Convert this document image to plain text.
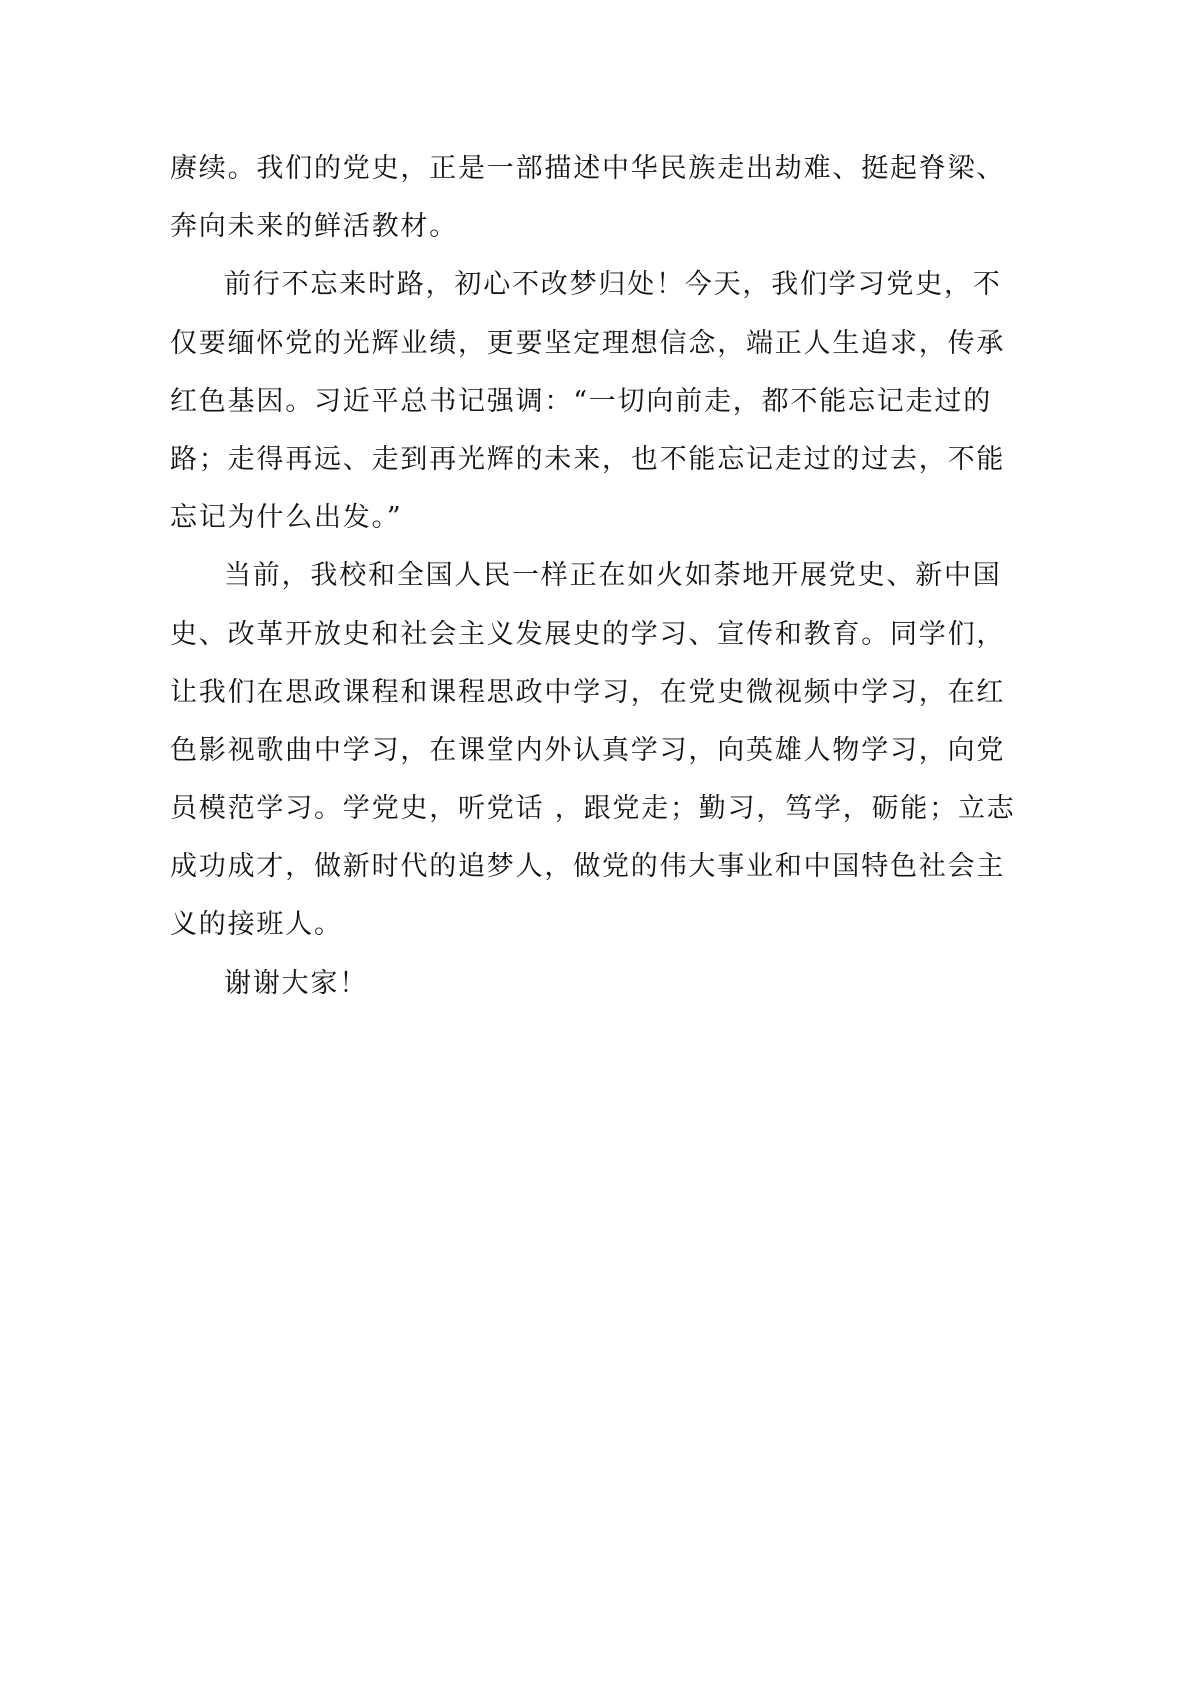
赓续。我们的党史，正是一部描述中华民族走出劫难、挺起脊梁、
奔向未来的鲜活教材。
前行不忘来时路，初心不改梦归处！今天，我们学习党史，不
仅要缅怀党的光辉业绩，更要坚定理想信念，端正人生追求，传承
红色基因。习近平总书记强调：“一切向前走，都不能忘记走过的
路；走得再远、走到再光辉的未来，也不能忘记走过的过去，不能
忘记为什么出发。”
当前，我校和全国人民一样正在如火如荼地开展党史、新中国
史、改革开放史和社会主义发展史的学习、宣传和教育。同学们，
让我们在思政课程和课程思政中学习，在党史微视频中学习，在红
色影视歌曲中学习，在课堂内外认真学习，向英雄人物学习，向党
员模范学习。学党史，听党话 ，跟党走；勤习，笃学，砺能；立志
成功成才，做新时代的追梦人，做党的伟大事业和中国特色社会主
义的接班人。
谢谢大家！
